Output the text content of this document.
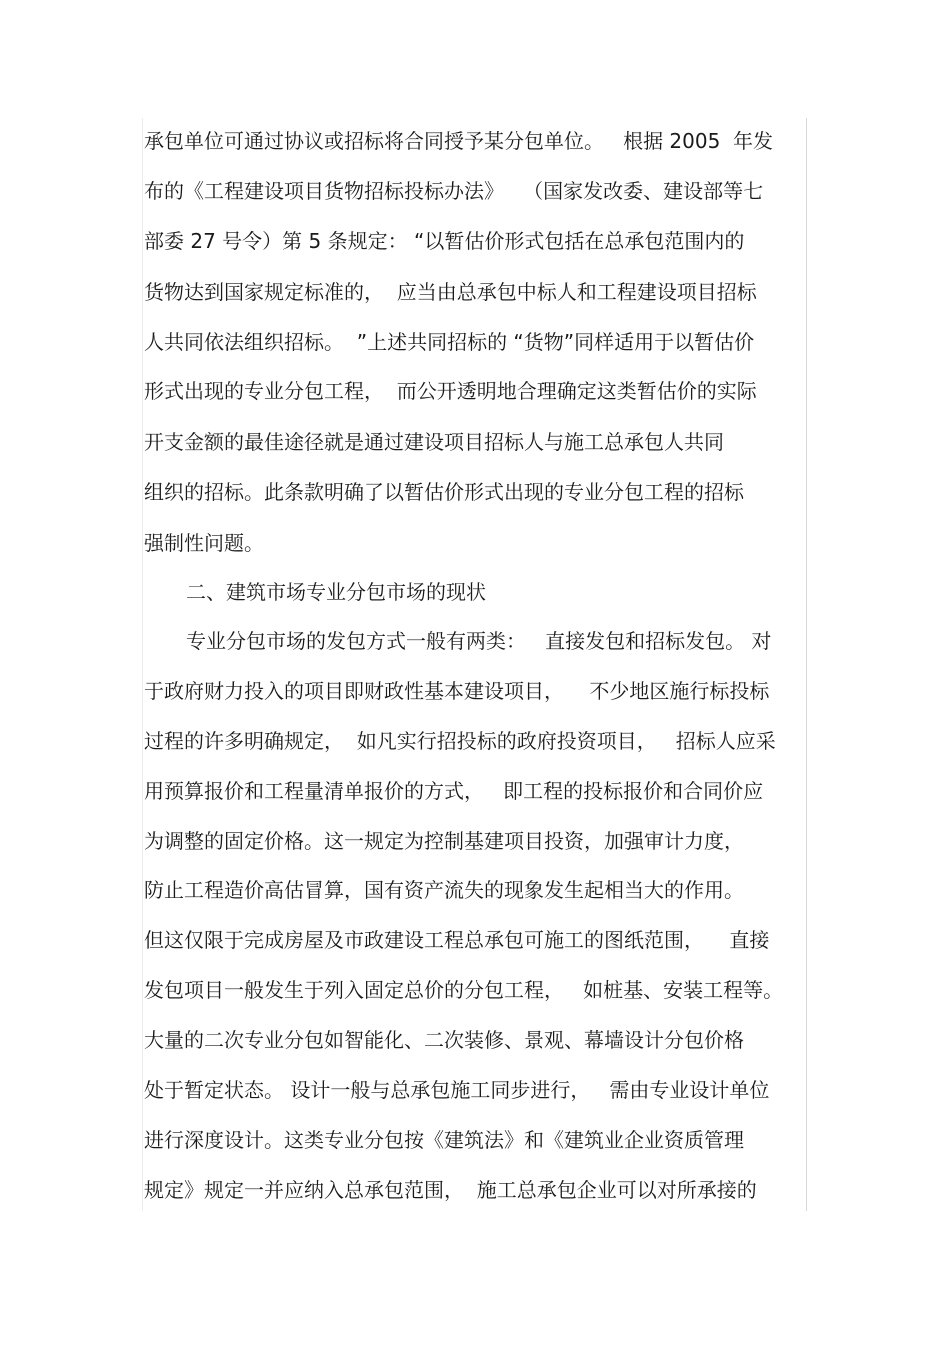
承包单位可通过协议或招标将合同授予某分包单位。   根据 2005  年发
布的《工程建设项目货物招标投标办法》   （国家发改委、建设部等七
部委 27 号令）第 5 条规定： “以暂估价形式包括在总承包范围内的
货物达到国家规定标准的，  应当由总承包中标人和工程建设项目招标
人共同依法组织招标。  ”上述共同招标的 “货物”同样适用于以暂估价
形式出现的专业分包工程，  而公开透明地合理确定这类暂估价的实际
开支金额的最佳途径就是通过建设项目招标人与施工总承包人共同
组织的招标。此条款明确了以暂估价形式出现的专业分包工程的招标
强制性问题。
二、建筑市场专业分包市场的现状
专业分包市场的发包方式一般有两类：   直接发包和招标发包。 对
于政府财力投入的项目即财政性基本建设项目，    不少地区施行标投标
过程的许多明确规定，  如凡实行招投标的政府投资项目，   招标人应采
用预算报价和工程量清单报价的方式，   即工程的投标报价和合同价应
为调整的固定价格。这一规定为控制基建项目投资，加强审计力度，
防止工程造价高估冒算，国有资产流失的现象发生起相当大的作用。
但这仅限于完成房屋及市政建设工程总承包可施工的图纸范围，    直接
发包项目一般发生于列入固定总价的分包工程，   如桩基、安装工程等。
大量的二次专业分包如智能化、二次装修、景观、幕墙设计分包价格
处于暂定状态。 设计一般与总承包施工同步进行，   需由专业设计单位
进行深度设计。这类专业分包按《建筑法》和《建筑业企业资质管理
规定》规定一并应纳入总承包范围，  施工总承包企业可以对所承接的
